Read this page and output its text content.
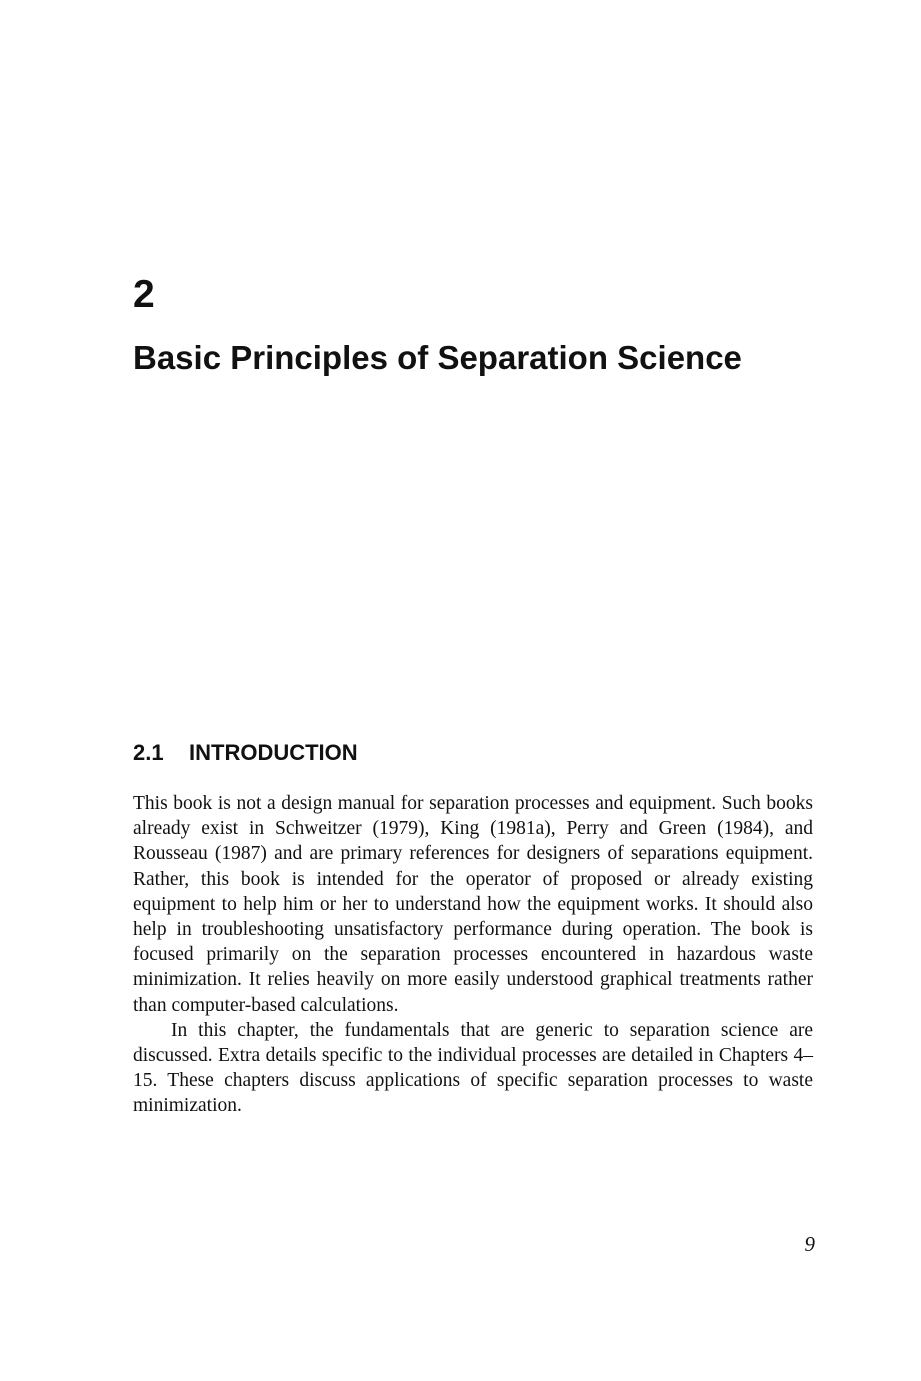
2
Basic Principles of Separation Science
2.1 INTRODUCTION

This book is not a design manual for separation processes and equipment. Such books already exist in Schweitzer (1979), King (1981a), Perry and Green (1984), and Rousseau (1987) and are primary references for designers of separations equipment. Rather, this book is intended for the operator of proposed or already existing equipment to help him or her to understand how the equipment works. It should also help in troubleshooting unsatisfactory performance during operation. The book is focused primarily on the separation processes encountered in hazardous waste minimization. It relies heavily on more easily understood graphical treatments rather than computer-based calculations.

In this chapter, the fundamentals that are generic to separation science are discussed. Extra details specific to the individual processes are detailed in Chapters 4–15. These chapters discuss applications of specific separation processes to waste minimization.

9
